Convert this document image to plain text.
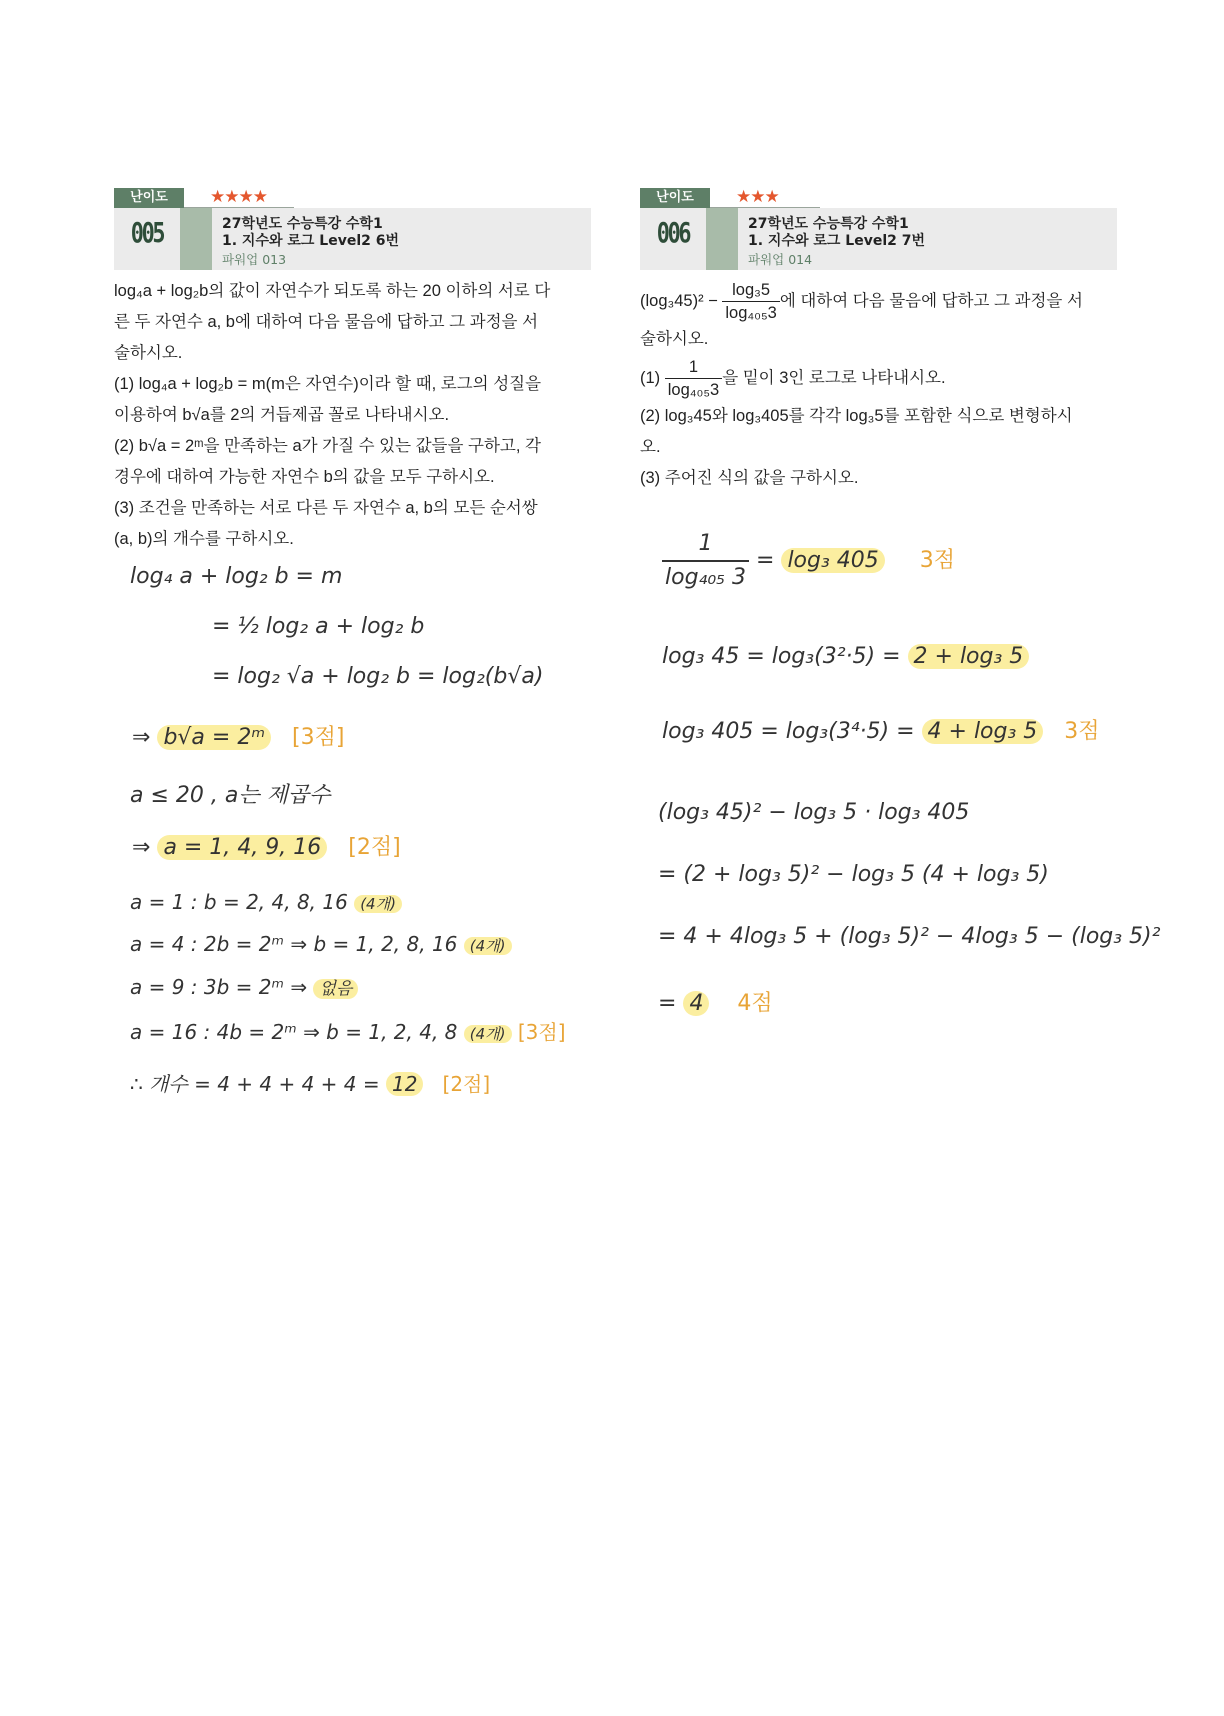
난이도	★★★★
005	27학년도 수능특강 수학1
1. 지수와 로그 Level2 6번
파워업 013

log₄a + log₂b의 값이 자연수가 되도록 하는 20 이하의 서로 다

른 두 자연수 a, b에 대하여 다음 물음에 답하고 그 과정을 서

술하시오.

(1) log₄a + log₂b = m(m은 자연수)이라 할 때, 로그의 성질을

이용하여 b√a를 2의 거듭제곱 꼴로 나타내시오.

(2) b√a = 2ᵐ을 만족하는 a가 가질 수 있는 값들을 구하고, 각

경우에 대하여 가능한 자연수 b의 값을 모두 구하시오.

(3) 조건을 만족하는 서로 다른 두 자연수 a, b의 모든 순서쌍

(a, b)의 개수를 구하시오.

log₄ a + log₂ b = m
= ½ log₂ a + log₂ b
= log₂ √a + log₂ b = log₂(b√a)
⇒ b√a = 2ᵐ [3점]
a ≤ 20 , a는 제곱수
⇒ a = 1, 4, 9, 16 [2점]
a = 1 : b = 2, 4, 8, 16 (4개)
a = 4 : 2b = 2ᵐ ⇒ b = 1, 2, 8, 16 (4개)
a = 9 : 3b = 2ᵐ ⇒ 없음
a = 16 : 4b = 2ᵐ ⇒ b = 1, 2, 4, 8 (4개) [3점]
∴ 개수 = 4 + 4 + 4 + 4 = 12 [2점]
난이도	★★★
006	27학년도 수능특강 수학1
1. 지수와 로그 Level2 7번
파워업 014

$(\log_345)^2 - \frac{\text{log₃5}}{\text{log₄₀₅3}}$ 에 대하여 다음 물음에 답하고 그 과정을 서

술하시오.

$(1) \frac{1}{\text{log₄₀₅3}}$ 을 밑이 3인 로그로 나타내시오.

(2) log₃45와 log₃405를 각각 log₃5를 포함한 식으로 변형하시

오.

(3) 주어진 식의 값을 구하시오.

$\frac{1}{\text{log₄₀₅ 3}} = \log_3$ 405 3점
log₃ 45 = log₃(3²·5) = 2 + log₃ 5
log₃ 405 = log₃(3⁴·5) = 4 + log₃ 5 3점
(log₃ 45)² − log₃ 5 · log₃ 405
= (2 + log₃ 5)² − log₃ 5 (4 + log₃ 5)
= 4 + 4log₃ 5 + (log₃ 5)² − 4log₃ 5 − (log₃ 5)²
= 4 4점
